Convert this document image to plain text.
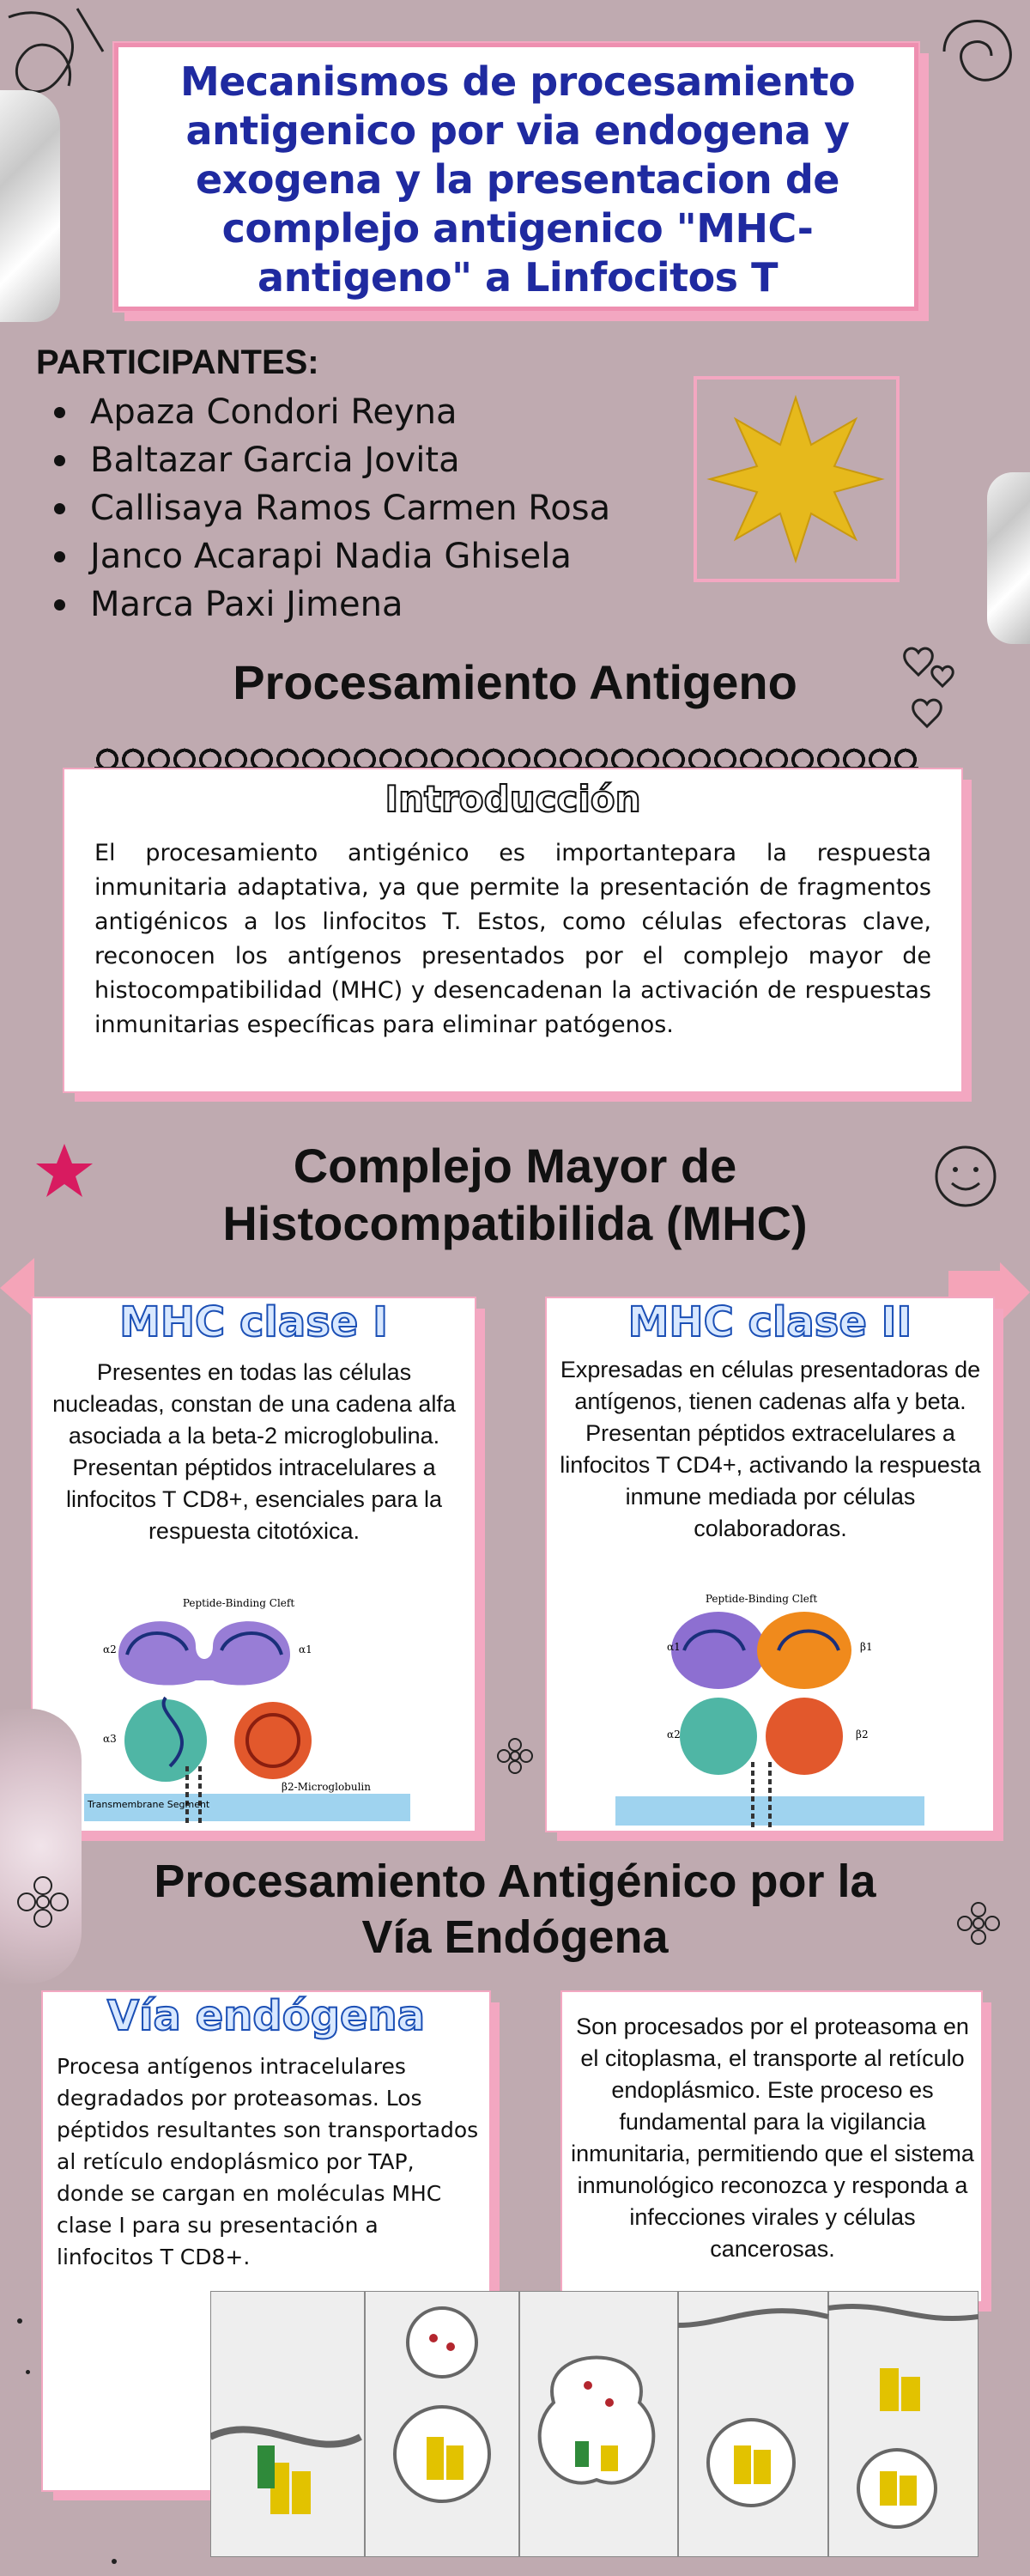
Mecanismos de procesamiento antigenico por via endogena y exogena y la presentacion de complejo antigenico "MHC-antigeno" a Linfocitos T
PARTICIPANTES:
Apaza Condori Reyna
Baltazar Garcia Jovita
Callisaya Ramos Carmen Rosa
Janco Acarapi Nadia Ghisela
Marca Paxi Jimena
Procesamiento Antigeno
Introducción
El procesamiento antigénico es importantepara la respuesta inmunitaria adaptativa, ya que permite la presentación de fragmentos antigénicos a los linfocitos T. Estos, como células efectoras clave, reconocen los antígenos presentados por el complejo mayor de histocompatibilidad (MHC) y desencadenan la activación de respuestas inmunitarias específicas para eliminar patógenos.
Complejo Mayor de
Histocompatibilida (MHC)
MHC clase I
Presentes en todas las células nucleadas, constan de una cadena alfa asociada a la beta-2 microglobulina. Presentan péptidos intracelulares a linfocitos T CD8+, esenciales para la respuesta citotóxica.
Peptide-Binding Cleft
α2	α1
α3
β2-Microglobulin
Transmembrane Segment
MHC clase II
Expresadas en células presentadoras de antígenos, tienen cadenas alfa y beta. Presentan péptidos extracelulares a linfocitos T CD4+, activando la respuesta inmune mediada por células colaboradoras.
Peptide-Binding Cleft
α1	β1
α2	β2
Procesamiento Antigénico por la
Vía Endógena
Vía endógena
Procesa antígenos intracelulares degradados por proteasomas. Los péptidos resultantes son transportados al retículo endoplásmico por TAP, donde se cargan en moléculas MHC clase I para su presentación a linfocitos T CD8+.
Son procesados por el proteasoma en el citoplasma, el transporte al retículo endoplásmico. Este proceso es fundamental para la vigilancia inmunitaria, permitiendo que el sistema inmunológico reconozca y responda a infecciones virales y células cancerosas.
